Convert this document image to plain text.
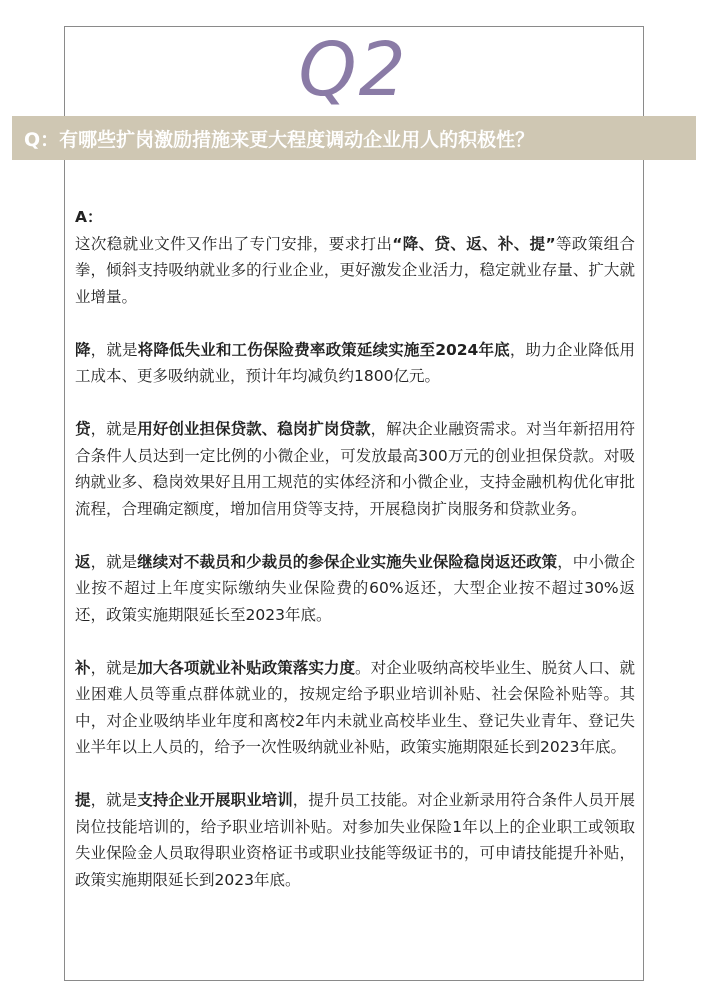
Q2
Q：有哪些扩岗激励措施来更大程度调动企业用人的积极性？

A：

这次稳就业文件又作出了专门安排，要求打出“降、贷、返、补、提”等政策组合拳，倾斜支持吸纳就业多的行业企业，更好激发企业活力，稳定就业存量、扩大就业增量。

降，就是将降低失业和工伤保险费率政策延续实施至2024年底，助力企业降低用工成本、更多吸纳就业，预计年均减负约1800亿元。

贷，就是用好创业担保贷款、稳岗扩岗贷款，解决企业融资需求。对当年新招用符合条件人员达到一定比例的小微企业，可发放最高300万元的创业担保贷款。对吸纳就业多、稳岗效果好且用工规范的实体经济和小微企业，支持金融机构优化审批流程，合理确定额度，增加信用贷等支持，开展稳岗扩岗服务和贷款业务。

返，就是继续对不裁员和少裁员的参保企业实施失业保险稳岗返还政策，中小微企业按不超过上年度实际缴纳失业保险费的60%返还，大型企业按不超过30%返还，政策实施期限延长至2023年底。

补，就是加大各项就业补贴政策落实力度。对企业吸纳高校毕业生、脱贫人口、就业困难人员等重点群体就业的，按规定给予职业培训补贴、社会保险补贴等。其中，对企业吸纳毕业年度和离校2年内未就业高校毕业生、登记失业青年、登记失业半年以上人员的，给予一次性吸纳就业补贴，政策实施期限延长到2023年底。

提，就是支持企业开展职业培训，提升员工技能。对企业新录用符合条件人员开展岗位技能培训的，给予职业培训补贴。对参加失业保险1年以上的企业职工或领取失业保险金人员取得职业资格证书或职业技能等级证书的，可申请技能提升补贴，政策实施期限延长到2023年底。
